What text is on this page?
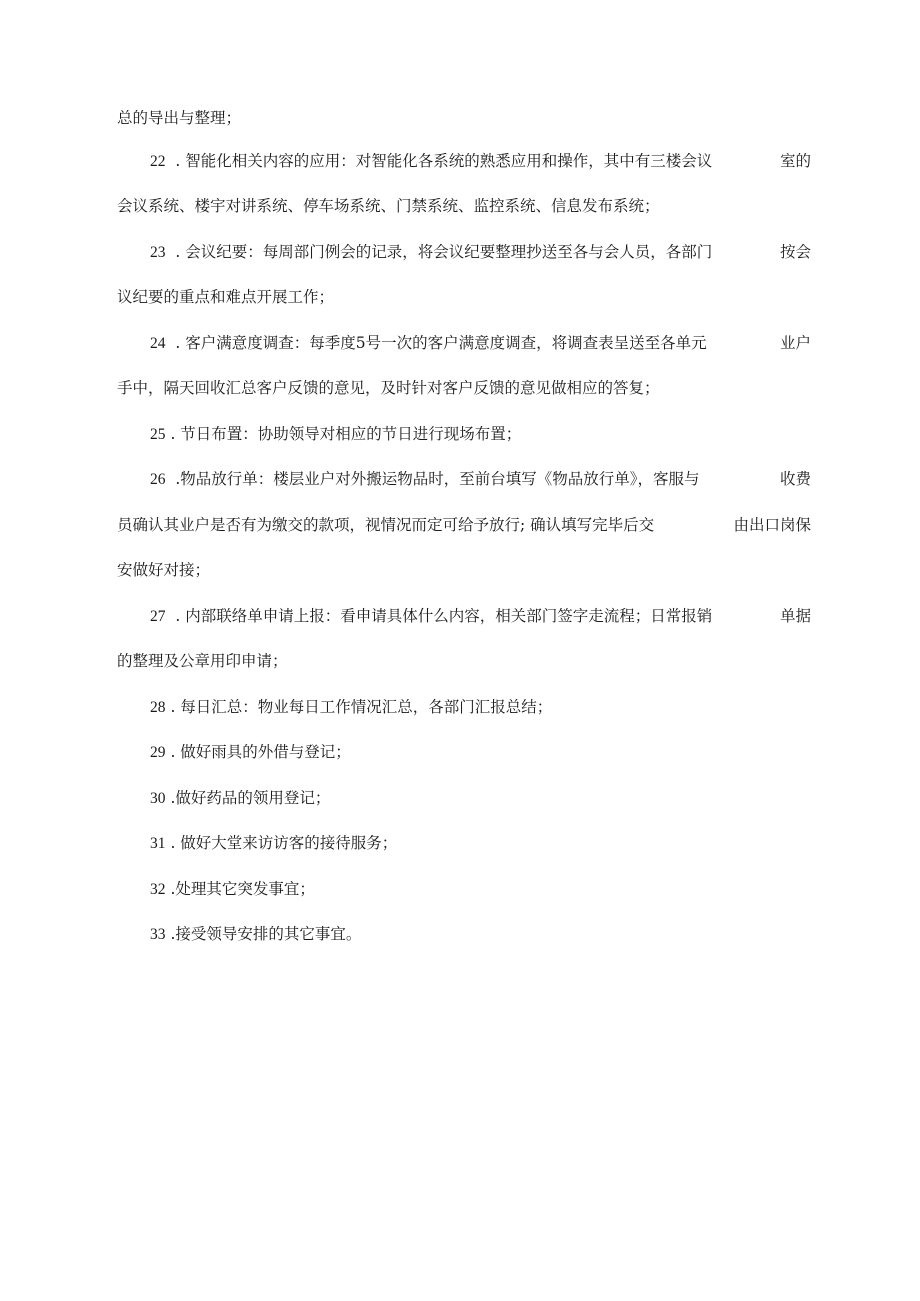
总的导出与整理；
22 . 智能化相关内容的应用：对智能化各系统的熟悉应用和操作，其中有三楼会议	室的
会议系统、楼宇对讲系统、停车场系统、门禁系统、监控系统、信息发布系统；
23 . 会议纪要：每周部门例会的记录，将会议纪要整理抄送至各与会人员，各部门	按会
议纪要的重点和难点开展工作；
24 . 客户满意度调查：每季度5号一次的客户满意度调查，将调查表呈送至各单元	业户
手中，隔天回收汇总客户反馈的意见，及时针对客户反馈的意见做相应的答复；
25 . 节日布置：协助领导对相应的节日进行现场布置；
26 .物品放行单：楼层业户对外搬运物品时，至前台填写《物品放行单》，客服与	收费
员确认其业户是否有为缴交的款项，视情况而定可给予放行; 确认填写完毕后交	由出口岗保
安做好对接；
27 . 内部联络单申请上报：看申请具体什么内容，相关部门签字走流程；日常报销	单据
的整理及公章用印申请；
28 . 每日汇总：物业每日工作情况汇总，各部门汇报总结；
29 . 做好雨具的外借与登记；
30 .做好药品的领用登记；
31 . 做好大堂来访访客的接待服务；
32 .处理其它突发事宜；
33 .接受领导安排的其它事宜。
